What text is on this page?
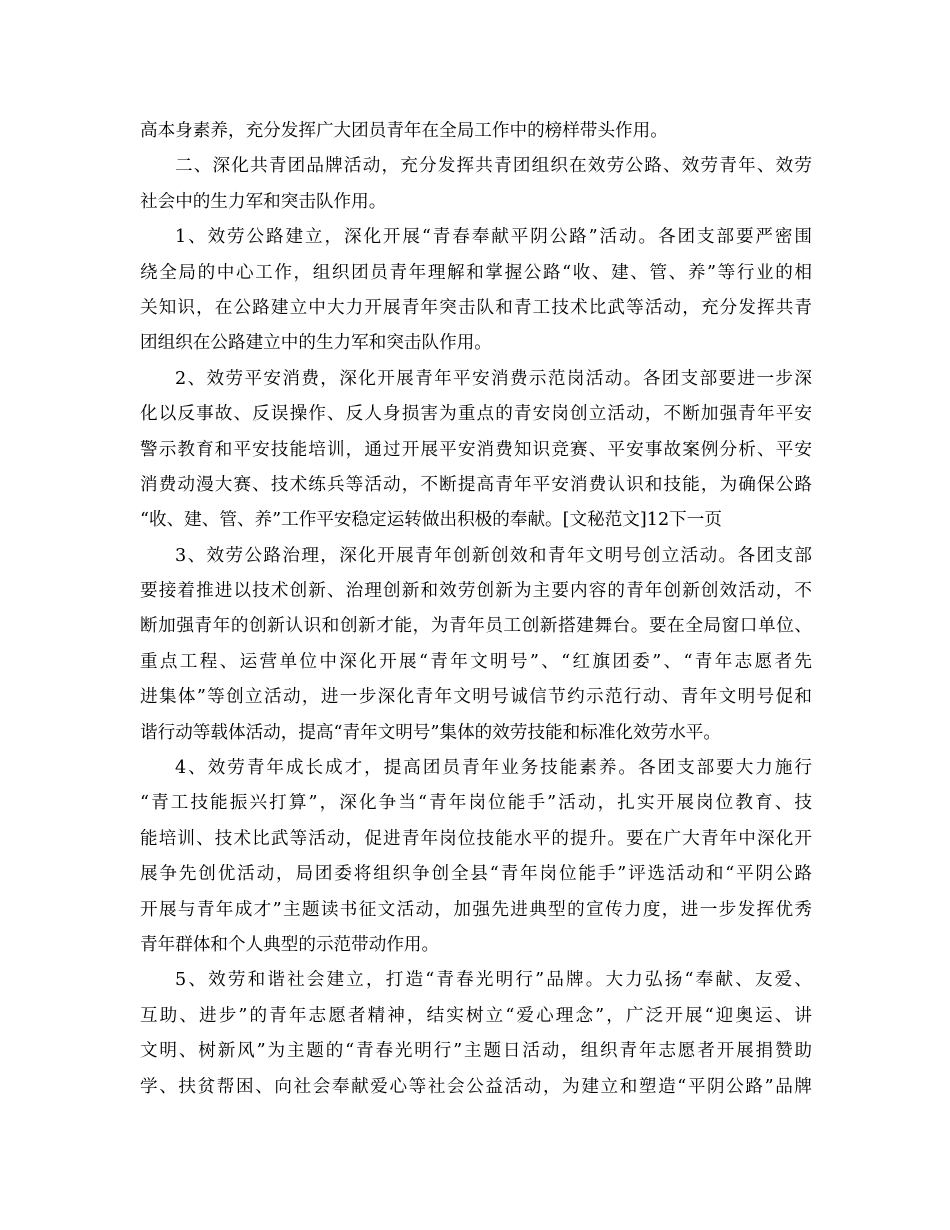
高本身素养，充分发挥广大团员青年在全局工作中的榜样带头作用。
二、深化共青团品牌活动，充分发挥共青团组织在效劳公路、效劳青年、效劳
社会中的生力军和突击队作用。
1、效劳公路建立，深化开展“青春奉献平阴公路”活动。各团支部要严密围
绕全局的中心工作，组织团员青年理解和掌握公路“收、建、管、养”等行业的相
关知识，在公路建立中大力开展青年突击队和青工技术比武等活动，充分发挥共青
团组织在公路建立中的生力军和突击队作用。
2、效劳平安消费，深化开展青年平安消费示范岗活动。各团支部要进一步深
化以反事故、反误操作、反人身损害为重点的青安岗创立活动，不断加强青年平安
警示教育和平安技能培训，通过开展平安消费知识竞赛、平安事故案例分析、平安
消费动漫大赛、技术练兵等活动，不断提高青年平安消费认识和技能，为确保公路
“收、建、管、养”工作平安稳定运转做出积极的奉献。[文秘范文]12下一页
3、效劳公路治理，深化开展青年创新创效和青年文明号创立活动。各团支部
要接着推进以技术创新、治理创新和效劳创新为主要内容的青年创新创效活动，不
断加强青年的创新认识和创新才能，为青年员工创新搭建舞台。要在全局窗口单位、
重点工程、运营单位中深化开展“青年文明号”、“红旗团委”、“青年志愿者先
进集体”等创立活动，进一步深化青年文明号诚信节约示范行动、青年文明号促和
谐行动等载体活动，提高“青年文明号”集体的效劳技能和标准化效劳水平。
4、效劳青年成长成才，提高团员青年业务技能素养。各团支部要大力施行
“青工技能振兴打算”，深化争当“青年岗位能手”活动，扎实开展岗位教育、技
能培训、技术比武等活动，促进青年岗位技能水平的提升。要在广大青年中深化开
展争先创优活动，局团委将组织争创全县“青年岗位能手”评选活动和“平阴公路
开展与青年成才”主题读书征文活动，加强先进典型的宣传力度，进一步发挥优秀
青年群体和个人典型的示范带动作用。
5、效劳和谐社会建立，打造“青春光明行”品牌。大力弘扬“奉献、友爱、
互助、进步”的青年志愿者精神，结实树立“爱心理念”，广泛开展“迎奥运、讲
文明、树新风”为主题的“青春光明行”主题日活动，组织青年志愿者开展捐赞助
学、扶贫帮困、向社会奉献爱心等社会公益活动，为建立和塑造“平阴公路”品牌
